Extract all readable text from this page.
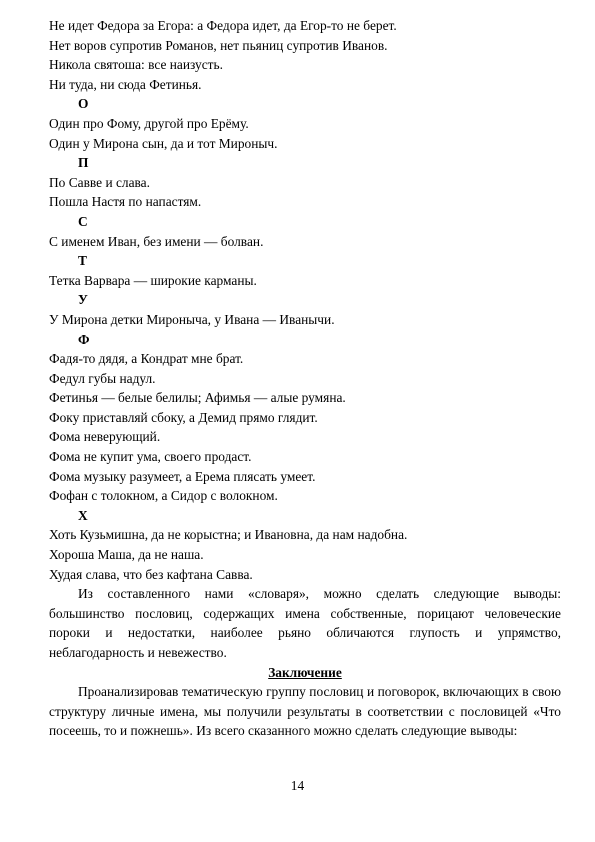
Не идет Федора за Егора: а Федора идет, да Егор-то не берет.
Нет воров супротив Романов, нет пьяниц супротив Иванов.
Никола святоша: все наизусть.
Ни туда, ни сюда Фетинья.
О
Один про Фому, другой про Ерёму.
Один у Мирона сын, да и тот Мироныч.
П
По Савве и слава.
Пошла Настя по напастям.
С
С именем Иван, без имени — болван.
Т
Тетка Варвара — широкие карманы.
У
У Мирона детки Мироныча, у Ивана — Иванычи.
Ф
Фадя-то дядя, а Кондрат мне брат.
Федул губы надул.
Фетинья — белые белилы; Афимья — алые румяна.
Фоку приставляй сбоку, а Демид прямо глядит.
Фома неверующий.
Фома не купит ума, своего продаст.
Фома музыку разумеет, а Ерема плясать умеет.
Фофан с толокном, а Сидор с волокном.
Х
Хоть Кузьмишна, да не корыстна; и Ивановна, да нам надобна.
Хороша Маша, да не наша.
Худая слава, что без кафтана Савва.
Из составленного нами «словаря», можно сделать следующие выводы: большинство пословиц, содержащих имена собственные, порицают человеческие пороки и недостатки, наиболее рьяно обличаются глупость и упрямство, неблагодарность и невежество.
Заключение
Проанализировав тематическую группу пословиц и поговорок, включающих в свою структуру личные имена, мы получили результаты в соответствии с пословицей «Что посеешь, то и пожнешь». Из всего сказанного можно сделать следующие выводы:
14
